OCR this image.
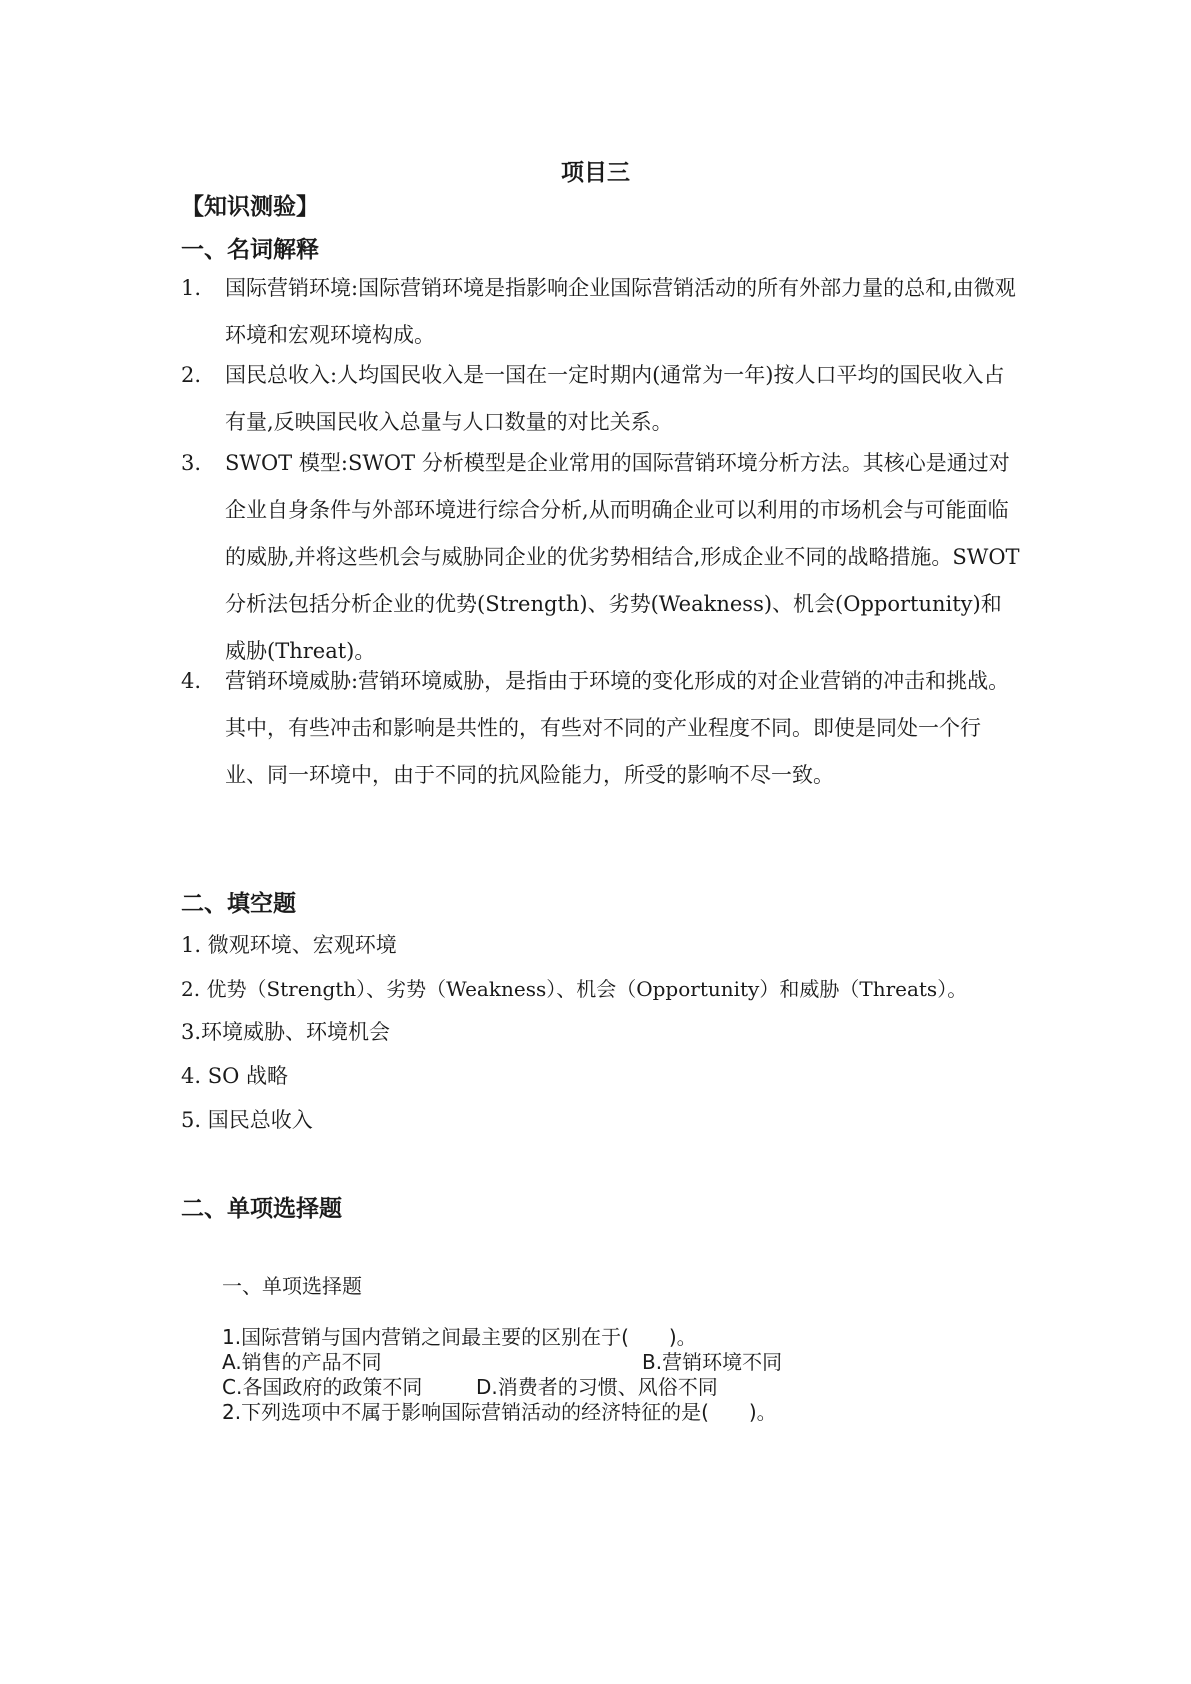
项目三
【知识测验】
一、名词解释
1. 国际营销环境:国际营销环境是指影响企业国际营销活动的所有外部力量的总和,由微观环境和宏观环境构成。
2. 国民总收入:人均国民收入是一国在一定时期内(通常为一年)按人口平均的国民收入占有量,反映国民收入总量与人口数量的对比关系。
3. SWOT 模型:SWOT 分析模型是企业常用的国际营销环境分析方法。其核心是通过对企业自身条件与外部环境进行综合分析,从而明确企业可以利用的市场机会与可能面临的威胁,并将这些机会与威胁同企业的优劣势相结合,形成企业不同的战略措施。SWOT 分析法包括分析企业的优势(Strength)、劣势(Weakness)、机会(Opportunity)和威胁(Threat)。
4. 营销环境威胁:营销环境威胁，是指由于环境的变化形成的对企业营销的冲击和挑战。其中，有些冲击和影响是共性的，有些对不同的产业程度不同。即使是同处一个行业、同一环境中，由于不同的抗风险能力，所受的影响不尽一致。
二、填空题
1. 微观环境、宏观环境
2. 优势（Strength）、劣势（Weakness）、机会（Opportunity）和威胁（Threats）。
3.环境威胁、环境机会
4. SO 战略
5. 国民总收入
二、单项选择题
一、单项选择题
1.国际营销与国内营销之间最主要的区别在于(　　)。
A.销售的产品不同	B.营销环境不同
C.各国政府的政策不同	D.消费者的习惯、风俗不同
2.下列选项中不属于影响国际营销活动的经济特征的是(　　)。
